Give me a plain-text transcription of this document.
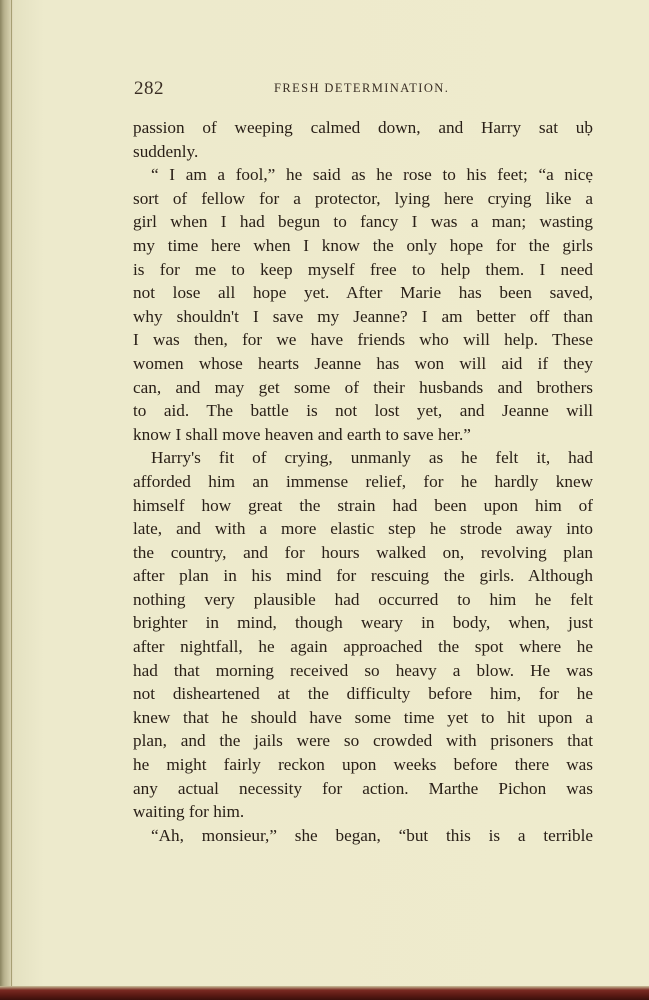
282	FRESH DETERMINATION.
passion of weeping calmed down, and Harry sat uḅ
suddenly.
“ I am a fool,” he said as he rose to his feet; “a nicẹ
sort of fellow for a protector, lying here crying like a
girl when I had begun to fancy I was a man; wasting
my time here when I know the only hope for the girls
is for me to keep myself free to help them. I need
not lose all hope yet. After Marie has been saved,
why shouldn't I save my Jeanne? I am better off than
I was then, for we have friends who will help. These
women whose hearts Jeanne has won will aid if they
can, and may get some of their husbands and brothers
to aid. The battle is not lost yet, and Jeanne will
know I shall move heaven and earth to save her.”
Harry's fit of crying, unmanly as he felt it, had
afforded him an immense relief, for he hardly knew
himself how great the strain had been upon him of
late, and with a more elastic step he strode away into
the country, and for hours walked on, revolving plan
after plan in his mind for rescuing the girls. Although
nothing very plausible had occurred to him he felt
brighter in mind, though weary in body, when, just
after nightfall, he again approached the spot where he
had that morning received so heavy a blow. He was
not disheartened at the difficulty before him, for he
knew that he should have some time yet to hit upon a
plan, and the jails were so crowded with prisoners that
he might fairly reckon upon weeks before there was
any actual necessity for action. Marthe Pichon was
waiting for him.
“Ah, monsieur,” she began, “but this is a terrible
